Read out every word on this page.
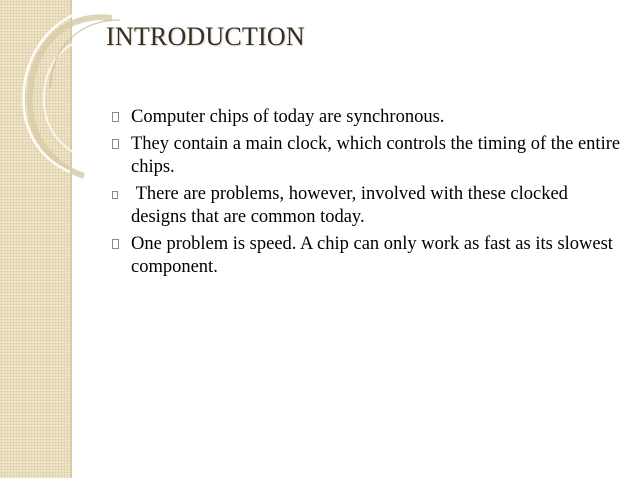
INTRODUCTION
Computer chips of today are synchronous.
They contain a main clock, which controls the timing of the entire chips.
There are problems, however, involved with these clocked designs that are common today.
One problem is speed. A chip can only work as fast as its slowest component.
